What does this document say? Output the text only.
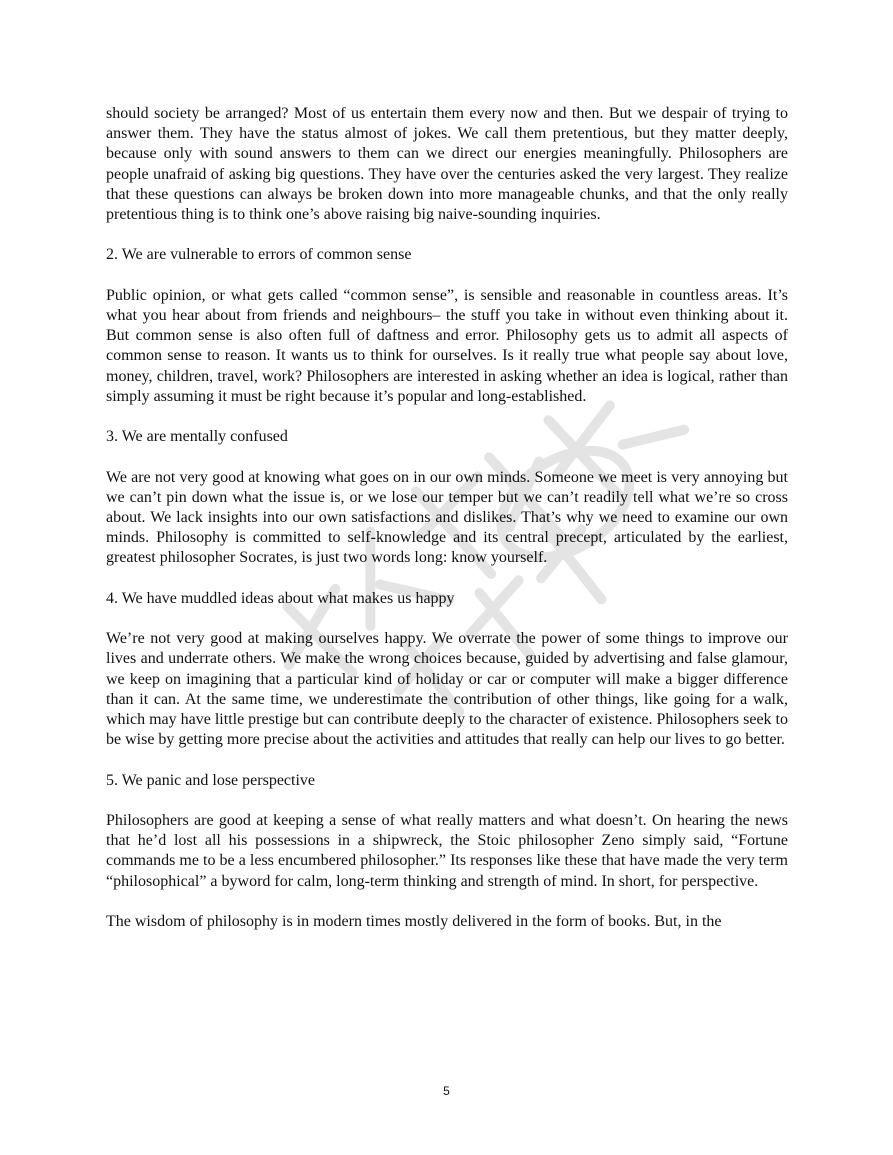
should society be arranged? Most of us entertain them every now and then. But we despair of trying to answer them. They have the status almost of jokes. We call them pretentious, but they matter deeply, because only with sound answers to them can we direct our energies meaningfully. Philosophers are people unafraid of asking big questions. They have over the centuries asked the very largest. They realize that these questions can always be broken down into more manageable chunks, and that the only really pretentious thing is to think one’s above raising big naive-sounding inquiries.

2. We are vulnerable to errors of common sense

Public opinion, or what gets called “common sense”, is sensible and reasonable in countless areas. It’s what you hear about from friends and neighbours– the stuff you take in without even thinking about it. But common sense is also often full of daftness and error. Philosophy gets us to admit all aspects of common sense to reason. It wants us to think for ourselves. Is it really true what people say about love, money, children, travel, work? Philosophers are interested in asking whether an idea is logical, rather than simply assuming it must be right because it’s popular and long-established.

3. We are mentally confused

We are not very good at knowing what goes on in our own minds. Someone we meet is very annoying but we can’t pin down what the issue is, or we lose our temper but we can’t readily tell what we’re so cross about. We lack insights into our own satisfactions and dislikes. That’s why we need to examine our own minds. Philosophy is committed to self-knowledge and its central precept, articulated by the earliest, greatest philosopher Socrates, is just two words long: know yourself.

4. We have muddled ideas about what makes us happy

We’re not very good at making ourselves happy. We overrate the power of some things to improve our lives and underrate others. We make the wrong choices because, guided by advertising and false glamour, we keep on imagining that a particular kind of holiday or car or computer will make a bigger difference than it can. At the same time, we underestimate the contribution of other things, like going for a walk, which may have little prestige but can contribute deeply to the character of existence. Philosophers seek to be wise by getting more precise about the activities and attitudes that really can help our lives to go better.

5. We panic and lose perspective

Philosophers are good at keeping a sense of what really matters and what doesn’t. On hearing the news that he’d lost all his possessions in a shipwreck, the Stoic philosopher Zeno simply said, “Fortune commands me to be a less encumbered philosopher.” Its responses like these that have made the very term “philosophical” a byword for calm, long-term thinking and strength of mind. In short, for perspective.

The wisdom of philosophy is in modern times mostly delivered in the form of books. But, in the

5
